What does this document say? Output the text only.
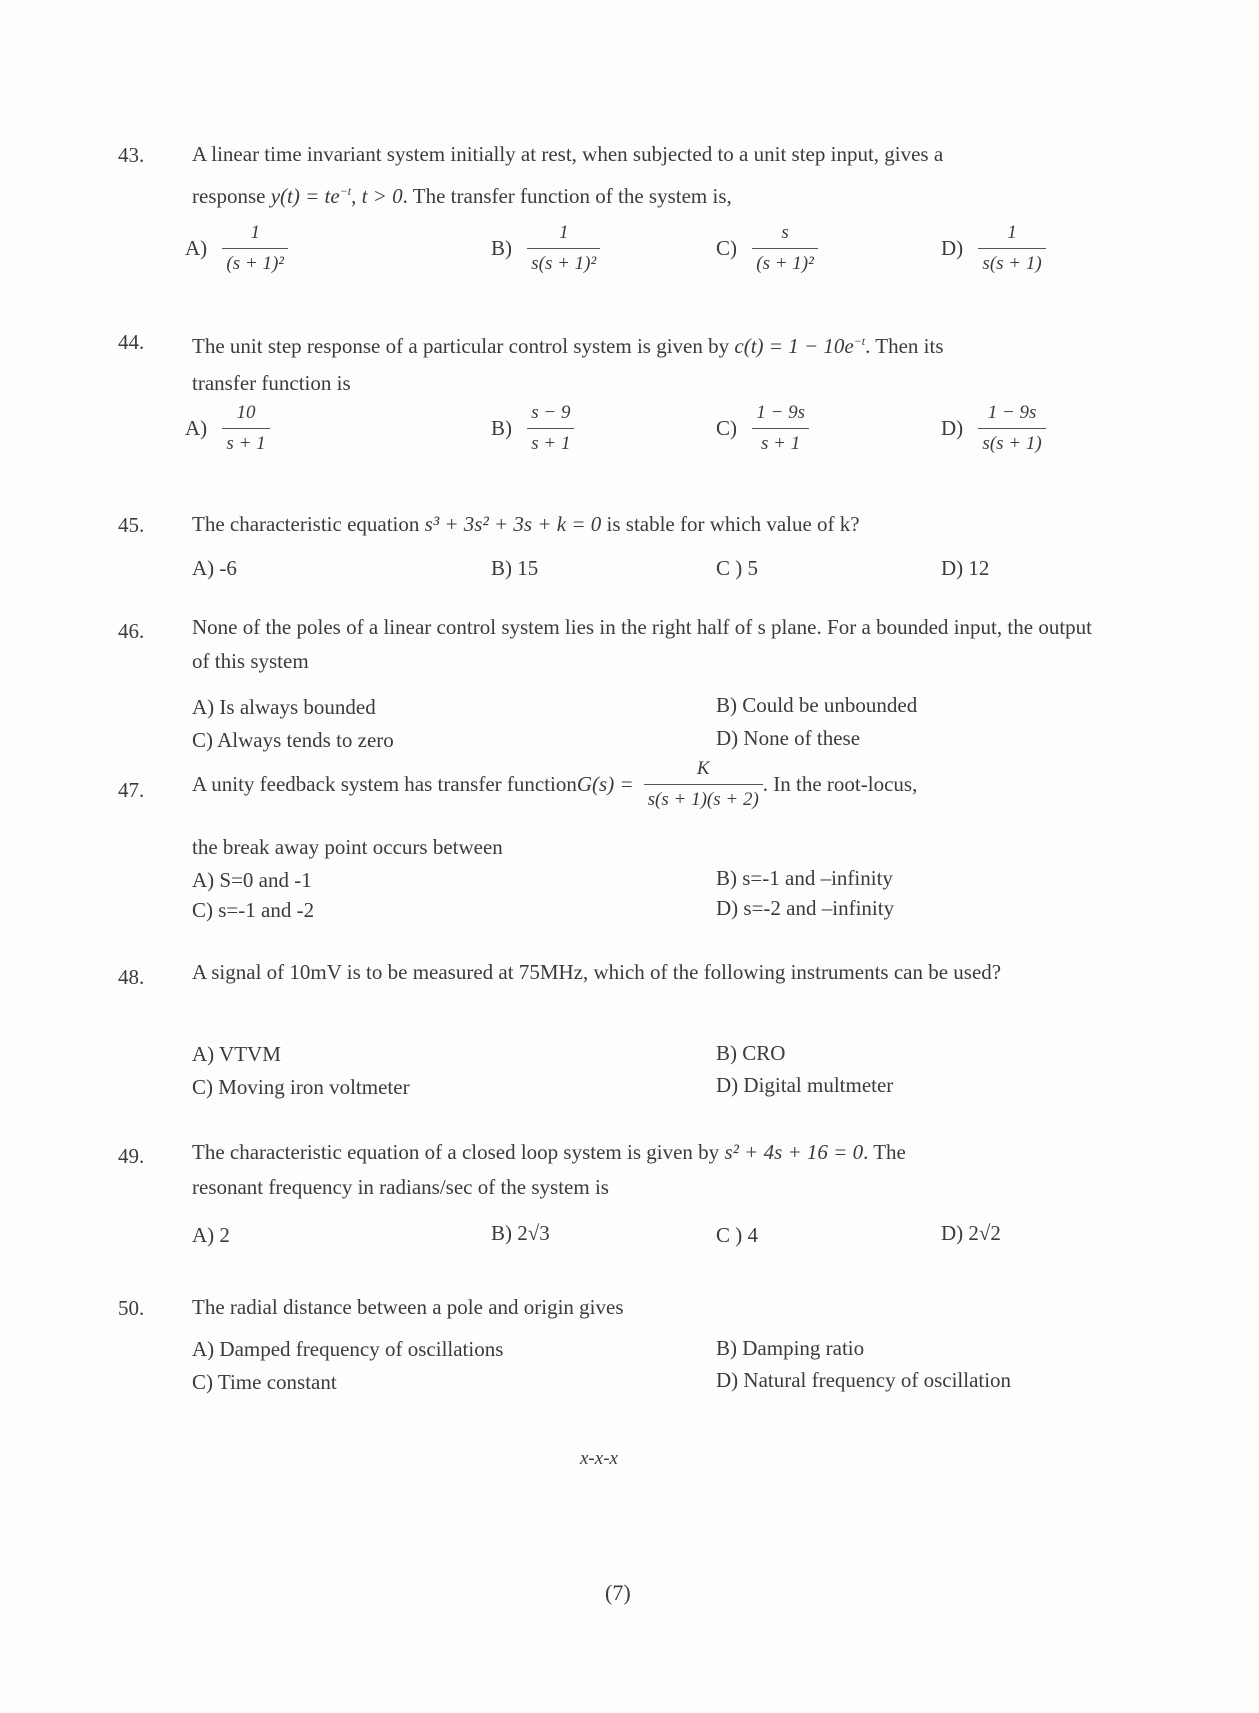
43. A linear time invariant system initially at rest, when subjected to a unit step input, gives a
response $y(t) = te^{-t}$, t > 0. The transfer function of the system is,
$A) \frac{1}{\text{(s + 1)²}}$	$B) \frac{1}{\text{s(s + 1)²}}$	$C) \frac{s}{\text{(s + 1)²}}$	$D) \frac{1}{s(s + 1)}$
44. The unit step response of a particular control system is given by $c(t) = 1 - 10e^{-t}$. Then its
transfer function is
$A) \frac{10}{s + 1}$	$B) \frac{s - 9}{s + 1}$	$C) \frac{1 - 9s}{s + 1}$	$D) \frac{1 - 9s}{s(s + 1)}$
45. The characteristic equation s³ + 3s² + 3s + k = 0 is stable for which value of k?
A) -6	B) 15	C ) 5	D) 12
46. None of the poles of a linear control system lies in the right half of s plane. For a bounded input, the output of this system
A) Is always bounded	B) Could be unbounded
C) Always tends to zero	D) None of these
47. A unity feedback system has transfer functionG(s) = $\frac{K}{s(s + 1)(s + 2)}$ . In the root-locus,
the break away point occurs between
A) S=0 and -1	B) s=-1 and –infinity
C) s=-1 and -2	D) s=-2 and –infinity
48. A signal of 10mV is to be measured at 75MHz, which of the following instruments can be used?
A) VTVM	B) CRO
C) Moving iron voltmeter	D) Digital multmeter
49. The characteristic equation of a closed loop system is given by s² + 4s + 16 = 0. The
resonant frequency in radians/sec of the system is
A) 2	B) 2√3	C ) 4	D) 2√2
50. The radial distance between a pole and origin gives
A) Damped frequency of oscillations	B) Damping ratio
C) Time constant	D) Natural frequency of oscillation
x-x-x
(7)
